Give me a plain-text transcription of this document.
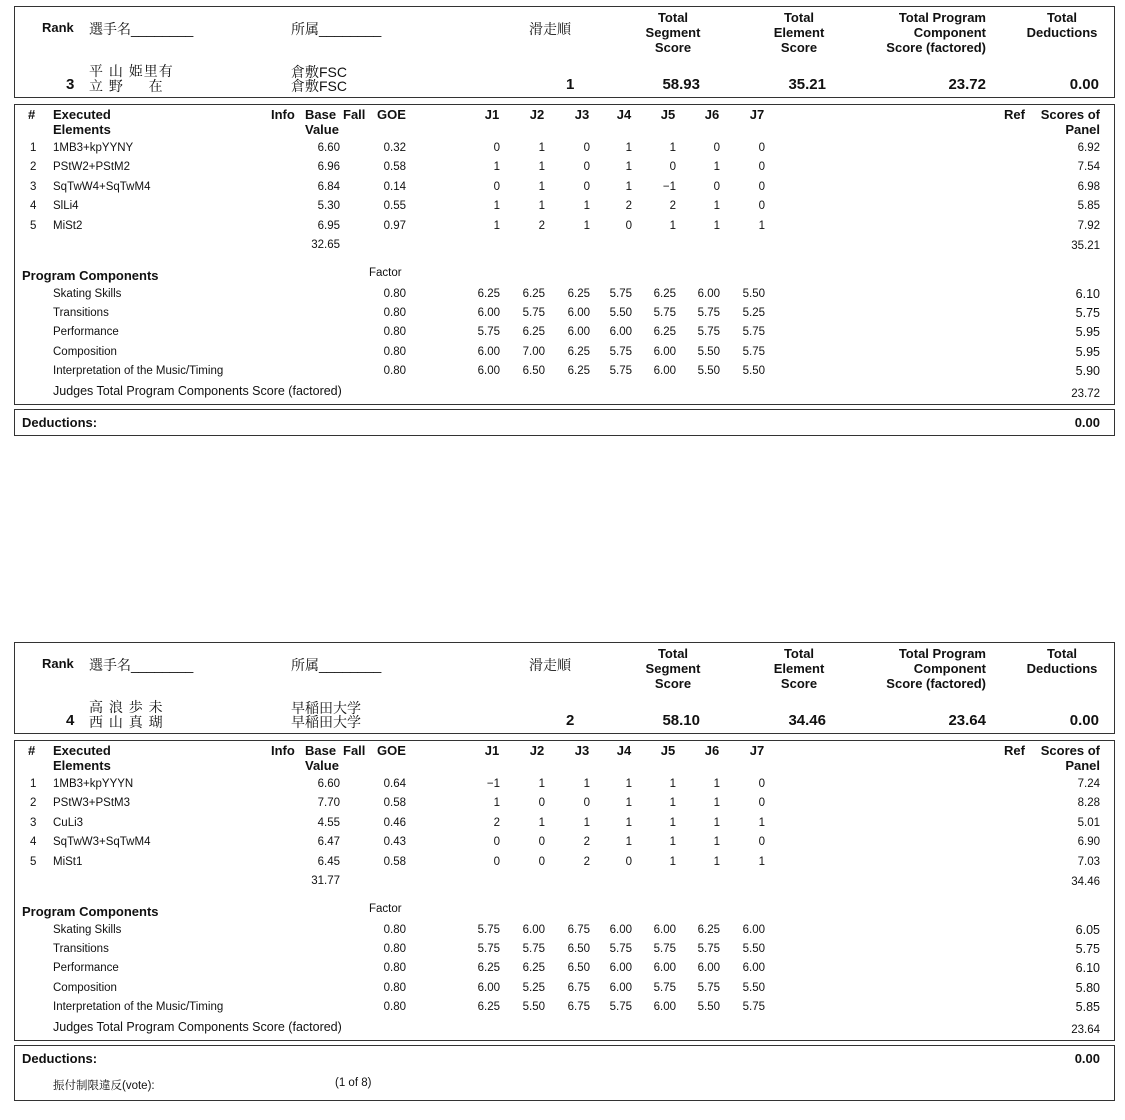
Rank 選手名________	所属________	滑走順
Total Segment Score
Total Element Score
Total Program Component Score (factored)
Total Deductions
平 山 姫里有
立 野 　 在
倉敷FSC
倉敷FSC
3	1	58.93	35.21	23.72	0.00
# Executed Elements
Info Base Value
Fall GOE	J1	J2	J3	J4	J5	J6	J7	Ref	Scores of Panel
1 1MB3+kpYYNY	6.60	0.32	0	1	0	1	1	0	0	6.92
2 PStW2+PStM2	6.96	0.58	1	1	0	1	0	1	0	7.54
3 SqTwW4+SqTwM4	6.84	0.14	0	1	0	1	−1	0	0	6.98
4 SlLi4	5.30	0.55	1	1	1	2	2	1	0	5.85
5 MiSt2	6.95	0.97	1	2	1	0	1	1	1	7.92
32.65	35.21
Program Components	Factor
Skating Skills	0.80	6.25 6.25 6.25 5.75 6.25 6.00 5.50	6.10
Transitions	0.80	6.00 5.75 6.00 5.50 5.75 5.75 5.25	5.75
Performance	0.80	5.75 6.25 6.00 6.00 6.25 5.75 5.75	5.95
Composition	0.80	6.00 7.00 6.25 5.75 6.00 5.50 5.75	5.95
Interpretation of the Music/Timing	0.80	6.00 6.50 6.25 5.75 6.00 5.50 5.50	5.90
Judges Total Program Components Score (factored)	23.72
Deductions:	0.00
Rank 選手名________	所属________	滑走順
Total Segment Score
Total Element Score
Total Program Component Score (factored)
Total Deductions
高 浪 歩 未
西 山 真 瑚
早稲田大学
早稲田大学
4	2	58.10	34.46	23.64	0.00
# Executed Elements
Info Base Value
Fall GOE	J1	J2	J3	J4	J5	J6	J7	Ref	Scores of Panel
1 1MB3+kpYYYN	6.60	0.64	−1	1	1	1	1	1	0	7.24
2 PStW3+PStM3	7.70	0.58	1	0	0	1	1	1	0	8.28
3 CuLi3	4.55	0.46	2	1	1	1	1	1	1	5.01
4 SqTwW3+SqTwM4	6.47	0.43	0	0	2	1	1	1	0	6.90
5 MiSt1	6.45	0.58	0	0	2	0	1	1	1	7.03
31.77	34.46
Program Components	Factor
Skating Skills	0.80	5.75 6.00 6.75 6.00 6.00 6.25 6.00	6.05
Transitions	0.80	5.75 5.75 6.50 5.75 5.75 5.75 5.50	5.75
Performance	0.80	6.25 6.25 6.50 6.00 6.00 6.00 6.00	6.10
Composition	0.80	6.00 5.25 6.75 6.00 5.75 5.75 5.50	5.80
Interpretation of the Music/Timing	0.80	6.25 5.50 6.75 5.75 6.00 5.50 5.75	5.85
Judges Total Program Components Score (factored)	23.64
Deductions:	0.00
振付制限違反(vote):	(1 of 8)
